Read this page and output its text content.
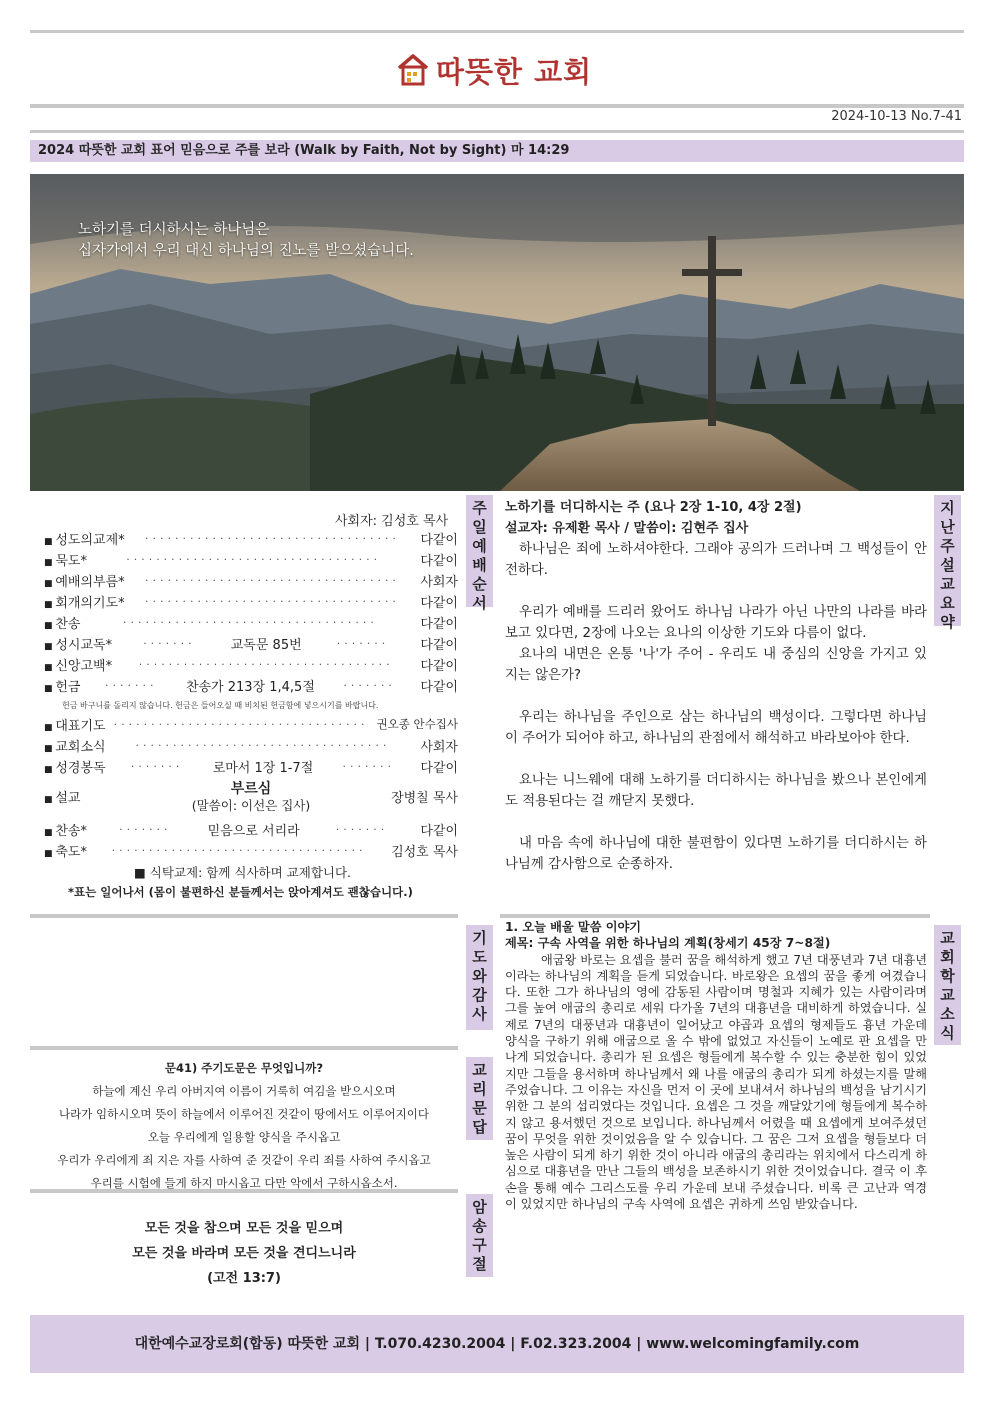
따뜻한 교회
2024-10-13 No.7-41
2024 따뜻한 교회 표어 믿음으로 주를 보라 (Walk by Faith, Not by Sight) 마 14:29
노하기를 더시하시는 하나님은
십자가에서 우리 대신 하나님의 진노를 받으셨습니다.
사회자: 김성호 목사
■ 성도의교제*	··································	다같이
■ 묵도*	··································	다같이
■ 예배의부름*	··································	사회자
■ 회개의기도*	··································	다같이
■ 찬송	··································	다같이
■ 성시교독*	·······	교독문 85번	·······	다같이
■ 신앙고백*	··································	다같이
■ 헌금	·······	찬송가 213장 1,4,5절	·······	다같이
헌금 바구니를 돌리지 않습니다. 헌금은 들어오실 때 비치된 헌금함에 넣으시기를 바랍니다.
■ 대표기도 ·································· 권오종 안수집사
■ 교회소식	··································	사회자
■ 성경봉독	·······	로마서 1장 1-7절	·······	다같이
■ 설교	장병칠 목사
부르심
(말씀이: 이선은 집사)
■ 찬송*	·······	믿음으로 서리라	·······	다같이
■ 축도*	··································	김성호 목사
■ 식탁교제: 함께 식사하며 교제합니다.
*표는 일어나서 (몸이 불편하신 분들께서는 앉아계셔도 괜찮습니다.)
주
일
예
배
순
서
지
난
주
설
교
요
약

노하기를 더디하시는 주 (요나 2장 1-10, 4장 2절)

설교자: 유제환 목사 / 말씀이: 김현주 집사

하나님은 죄에 노하셔야한다. 그래야 공의가 드러나며 그 백성들이 안전하다.

우리가 예배를 드리러 왔어도 하나님 나라가 아닌 나만의 나라를 바라보고 있다면, 2장에 나오는 요나의 이상한 기도와 다름이 없다.

요나의 내면은 온통 '나'가 주어 - 우리도 내 중심의 신앙을 가지고 있지는 않은가?

우리는 하나님을 주인으로 삼는 하나님의 백성이다. 그렇다면 하나님이 주어가 되어야 하고, 하나님의 관점에서 해석하고 바라보아야 한다.

요나는 니느웨에 대해 노하기를 더디하시는 하나님을 봤으나 본인에게도 적용된다는 걸 깨닫지 못했다.

내 마음 속에 하나님에 대한 불편함이 있다면 노하기를 더디하시는 하나님께 감사함으로 순종하자.

기
도
와
감
사
교
리
문
답
문41) 주기도문은 무엇입니까?
하늘에 계신 우리 아버지여 이름이 거룩히 여김을 받으시오며
나라가 임하시오며 뜻이 하늘에서 이루어진 것같이 땅에서도 이루어지이다
오늘 우리에게 일용할 양식을 주시옵고
우리가 우리에게 죄 지은 자를 사하여 준 것같이 우리 죄를 사하여 주시옵고
우리를 시험에 들게 하지 마시옵고 다만 악에서 구하시옵소서.
암
송
구
절
모든 것을 참으며 모든 것을 믿으며
모든 것을 바라며 모든 것을 견디느니라
(고전 13:7)
교
회
학
교
소
식

1. 오늘 배울 말씀 이야기

제목: 구속 사역을 위한 하나님의 계획(창세기 45장 7~8절)

애굽왕 바로는 요셉을 불러 꿈을 해석하게 했고 7년 대풍년과 7년 대흉년이라는 하나님의 계획을 듣게 되었습니다. 바로왕은 요셉의 꿈을 좋게 여겼습니다. 또한 그가 하나님의 영에 감동된 사람이며 명철과 지혜가 있는 사람이라며 그를 높여 애굽의 총리로 세워 다가올 7년의 대흉년을 대비하게 하였습니다. 실제로 7년의 대풍년과 대흉년이 일어났고 야곱과 요셉의 형제들도 흉년 가운데 양식을 구하기 위해 애굽으로 올 수 밖에 없었고 자신들이 노예로 판 요셉을 만나게 되었습니다. 총리가 된 요셉은 형들에게 복수할 수 있는 충분한 힘이 있었지만 그들을 용서하며 하나님께서 왜 나를 애굽의 총리가 되게 하셨는지를 말해 주었습니다. 그 이유는 자신을 먼저 이 곳에 보내셔서 하나님의 백성을 남기시기 위한 그 분의 섭리였다는 것입니다. 요셉은 그 것을 깨달았기에 형들에게 복수하지 않고 용서했던 것으로 보입니다. 하나님께서 어렸을 때 요셉에게 보여주셨던 꿈이 무엇을 위한 것이었음을 알 수 있습니다. 그 꿈은 그저 요셉을 형들보다 더 높은 사람이 되게 하기 위한 것이 아니라 애굽의 총리라는 위치에서 다스리게 하심으로 대흉년을 만난 그들의 백성을 보존하시기 위한 것이었습니다. 결국 이 후손을 통해 예수 그리스도를 우리 가운데 보내 주셨습니다. 비록 큰 고난과 역경이 있었지만 하나님의 구속 사역에 요셉은 귀하게 쓰임 받았습니다.

대한예수교장로회(합동) 따뜻한 교회 | T.070.4230.2004 | F.02.323.2004 | www.welcomingfamily.com
